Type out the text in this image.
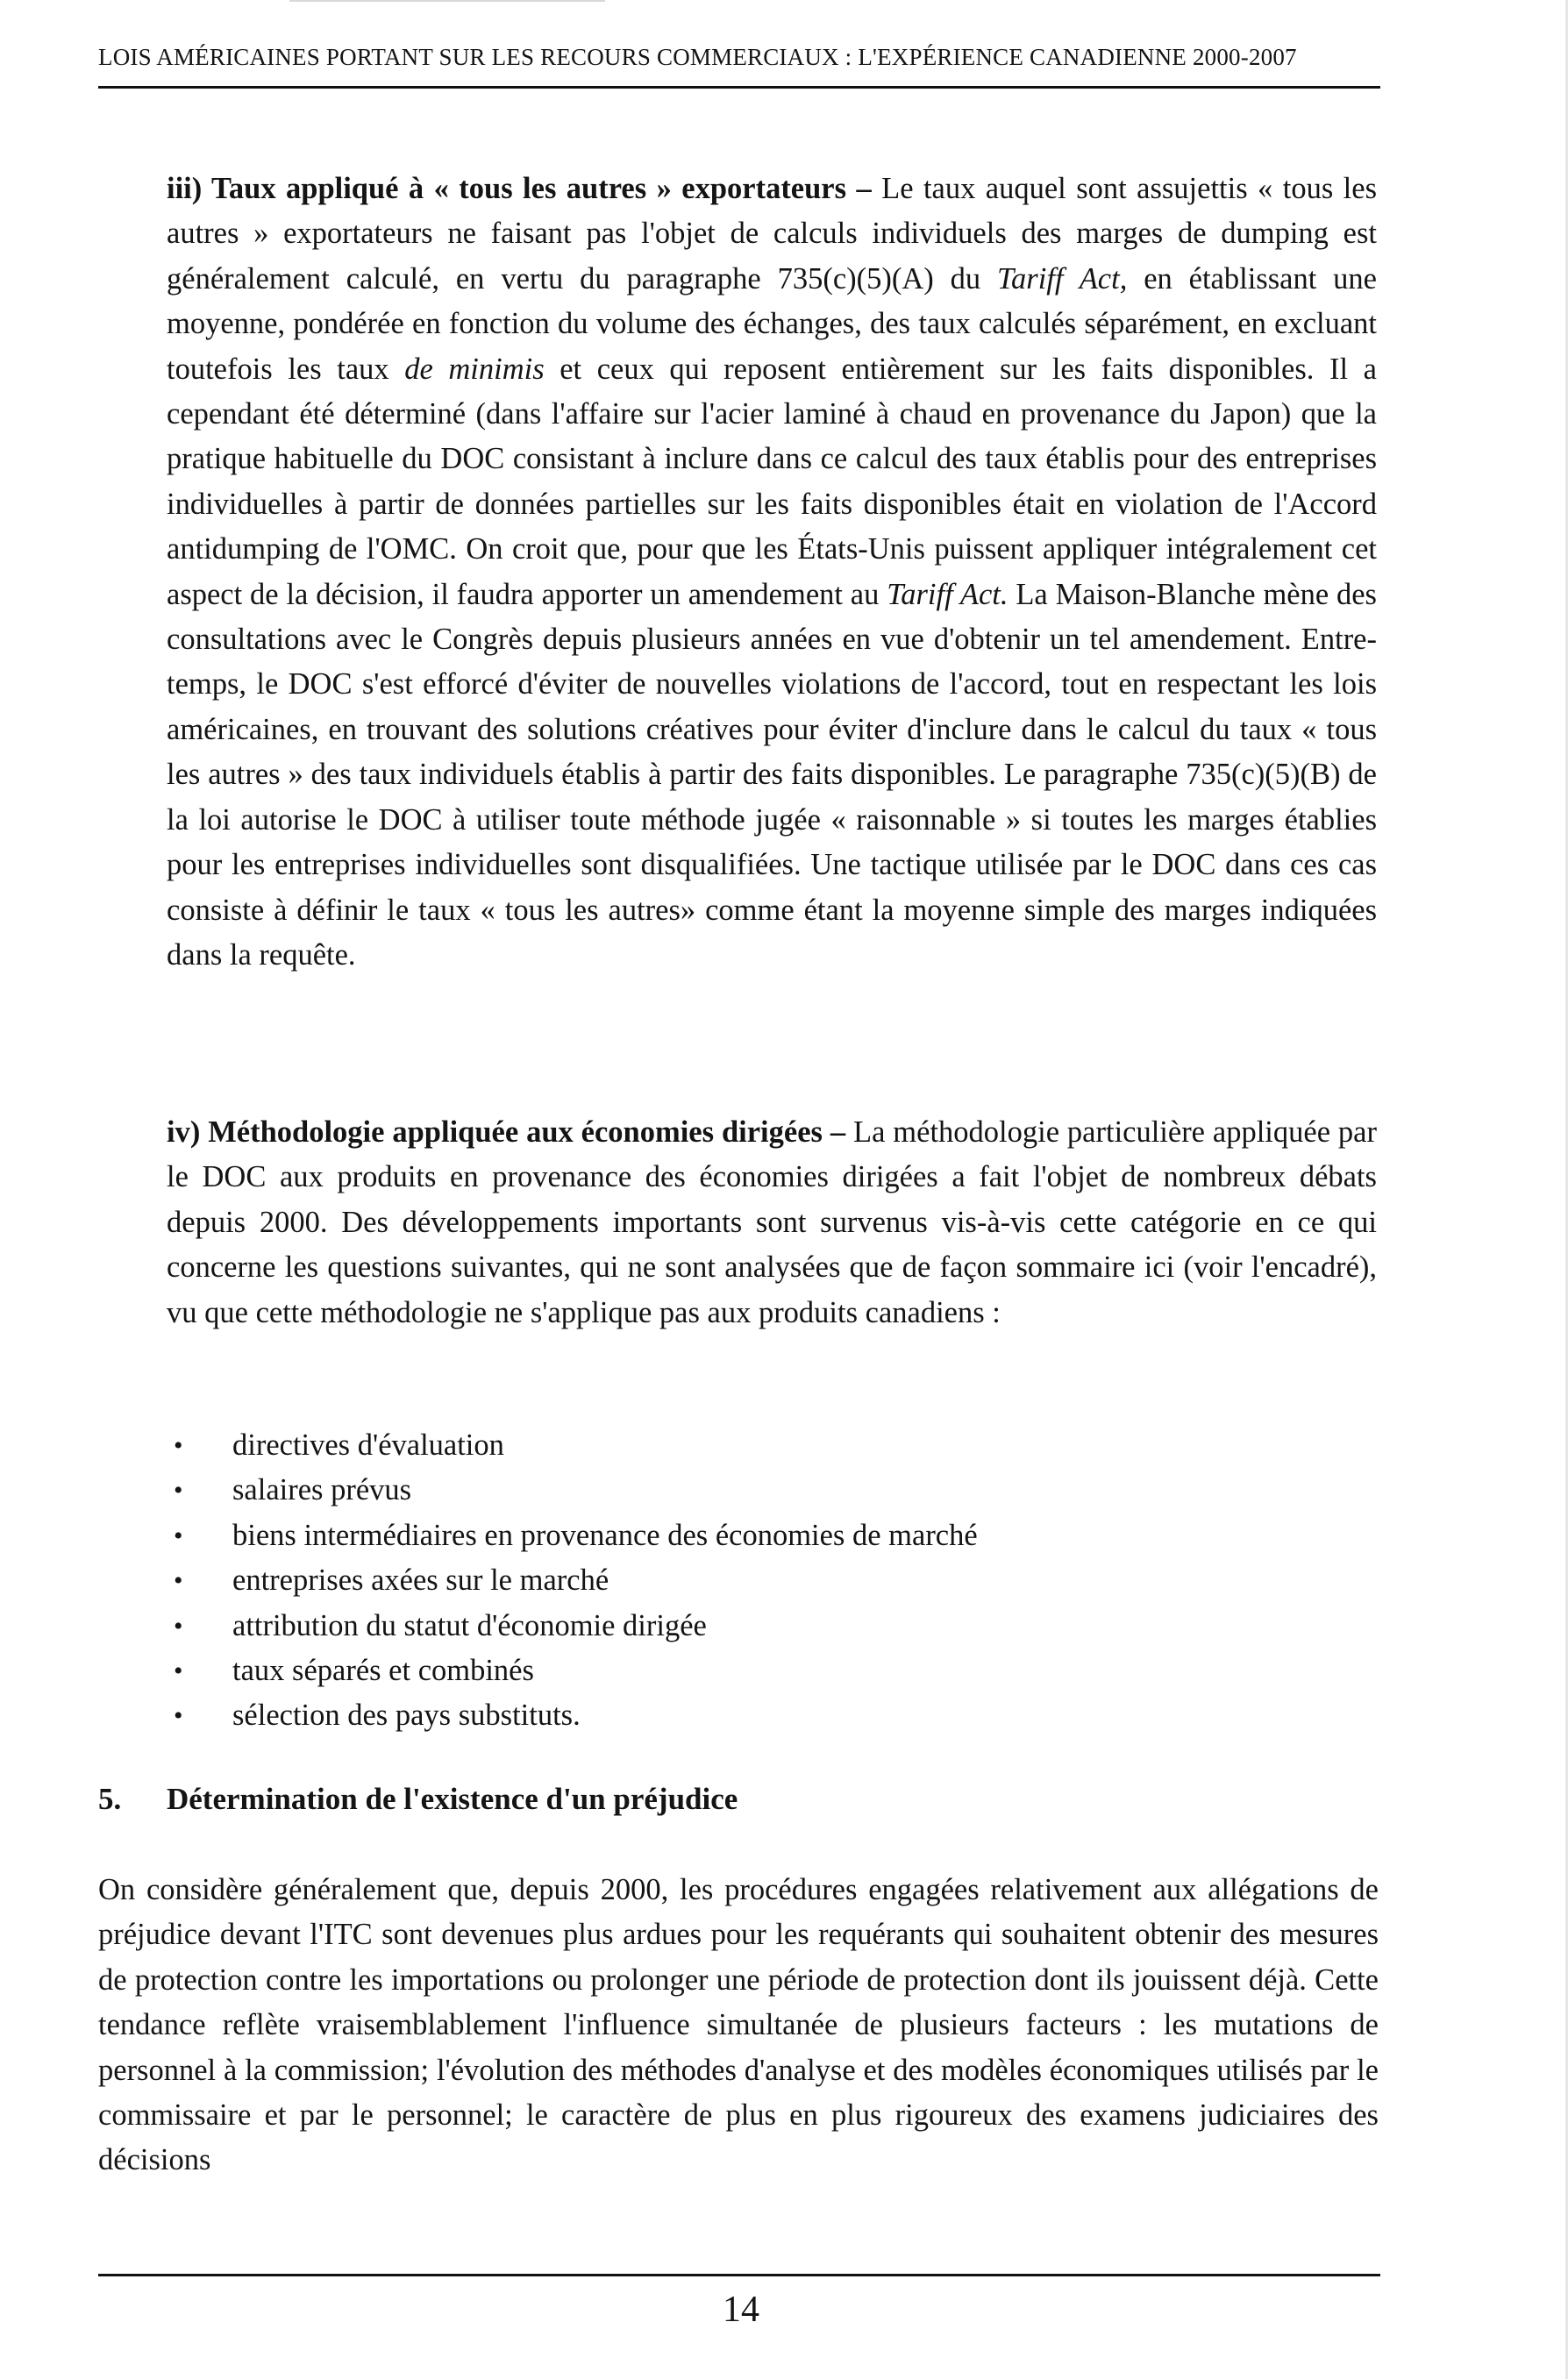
LOIS AMÉRICAINES PORTANT SUR LES RECOURS COMMERCIAUX : L'EXPÉRIENCE CANADIENNE 2000-2007
iii) Taux appliqué à « tous les autres » exportateurs – Le taux auquel sont assujettis « tous les autres » exportateurs ne faisant pas l'objet de calculs individuels des marges de dumping est généralement calculé, en vertu du paragraphe 735(c)(5)(A) du Tariff Act, en établissant une moyenne, pondérée en fonction du volume des échanges, des taux calculés séparément, en excluant toutefois les taux de minimis et ceux qui reposent entièrement sur les faits disponibles. Il a cependant été déterminé (dans l'affaire sur l'acier laminé à chaud en provenance du Japon) que la pratique habituelle du DOC consistant à inclure dans ce calcul des taux établis pour des entreprises individuelles à partir de données partielles sur les faits disponibles était en violation de l'Accord antidumping de l'OMC. On croit que, pour que les États-Unis puissent appliquer intégralement cet aspect de la décision, il faudra apporter un amendement au Tariff Act. La Maison-Blanche mène des consultations avec le Congrès depuis plusieurs années en vue d'obtenir un tel amendement. Entre-temps, le DOC s'est efforcé d'éviter de nouvelles violations de l'accord, tout en respectant les lois américaines, en trouvant des solutions créatives pour éviter d'inclure dans le calcul du taux « tous les autres » des taux individuels établis à partir des faits disponibles. Le paragraphe 735(c)(5)(B) de la loi autorise le DOC à utiliser toute méthode jugée « raisonnable » si toutes les marges établies pour les entreprises individuelles sont disqualifiées. Une tactique utilisée par le DOC dans ces cas consiste à définir le taux « tous les autres» comme étant la moyenne simple des marges indiquées dans la requête.
iv) Méthodologie appliquée aux économies dirigées – La méthodologie particulière appliquée par le DOC aux produits en provenance des économies dirigées a fait l'objet de nombreux débats depuis 2000. Des développements importants sont survenus vis-à-vis cette catégorie en ce qui concerne les questions suivantes, qui ne sont analysées que de façon sommaire ici (voir l'encadré), vu que cette méthodologie ne s'applique pas aux produits canadiens :
• directives d'évaluation
• salaires prévus
• biens intermédiaires en provenance des économies de marché
• entreprises axées sur le marché
• attribution du statut d'économie dirigée
• taux séparés et combinés
• sélection des pays substituts.
5. Détermination de l'existence d'un préjudice
On considère généralement que, depuis 2000, les procédures engagées relativement aux allégations de préjudice devant l'ITC sont devenues plus ardues pour les requérants qui souhaitent obtenir des mesures de protection contre les importations ou prolonger une période de protection dont ils jouissent déjà. Cette tendance reflète vraisemblablement l'influence simultanée de plusieurs facteurs : les mutations de personnel à la commission; l'évolution des méthodes d'analyse et des modèles économiques utilisés par le commissaire et par le personnel; le caractère de plus en plus rigoureux des examens judiciaires des décisions
14
